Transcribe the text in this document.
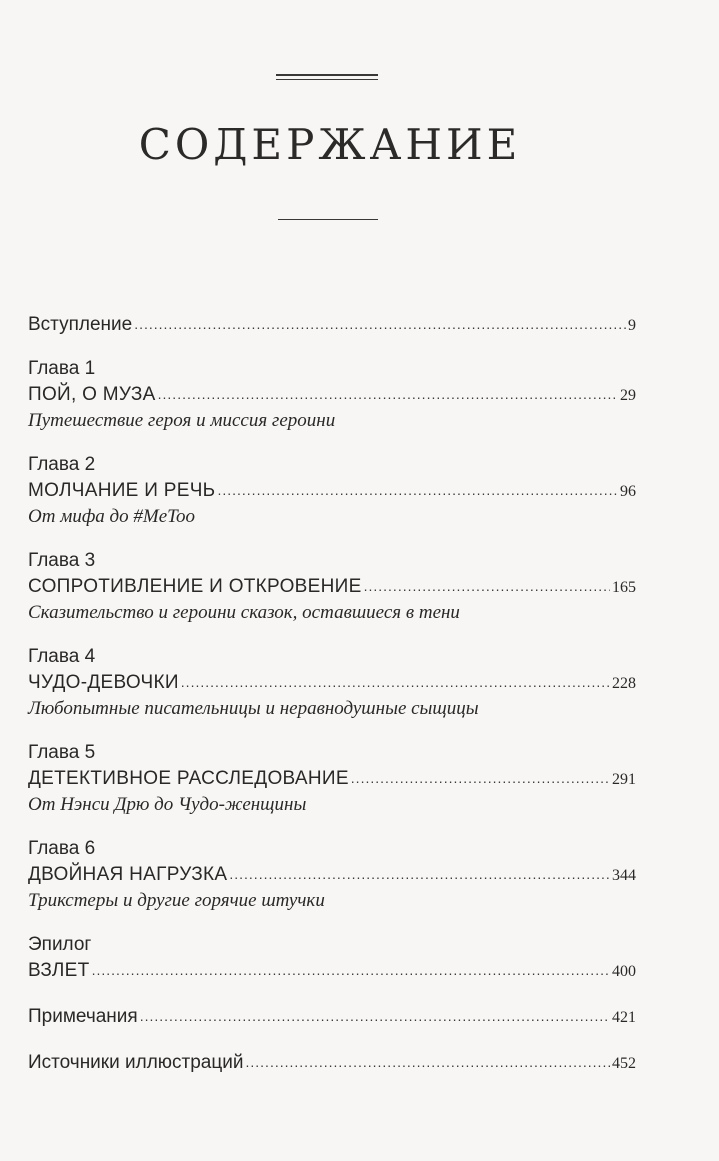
СОДЕРЖАНИЕ
Вступление .....	9
Глава 1
ПОЙ, О МУЗА .....	29
Путешествие героя и миссия героини
Глава 2
МОЛЧАНИЕ И РЕЧЬ .....	96
От мифа до #MeToo
Глава 3
СОПРОТИВЛЕНИЕ И ОТКРОВЕНИЕ .....	165
Сказительство и героини сказок, оставшиеся в тени
Глава 4
ЧУДО-ДЕВОЧКИ .....	228
Любопытные писательницы и неравнодушные сыщицы
Глава 5
ДЕТЕКТИВНОЕ РАССЛЕДОВАНИЕ .....	291
От Нэнси Дрю до Чудо-женщины
Глава 6
ДВОЙНАЯ НАГРУЗКА .....	344
Трикстеры и другие горячие штучки
Эпилог
ВЗЛЕТ .....	400
Примечания .....	421
Источники иллюстраций .....	452
